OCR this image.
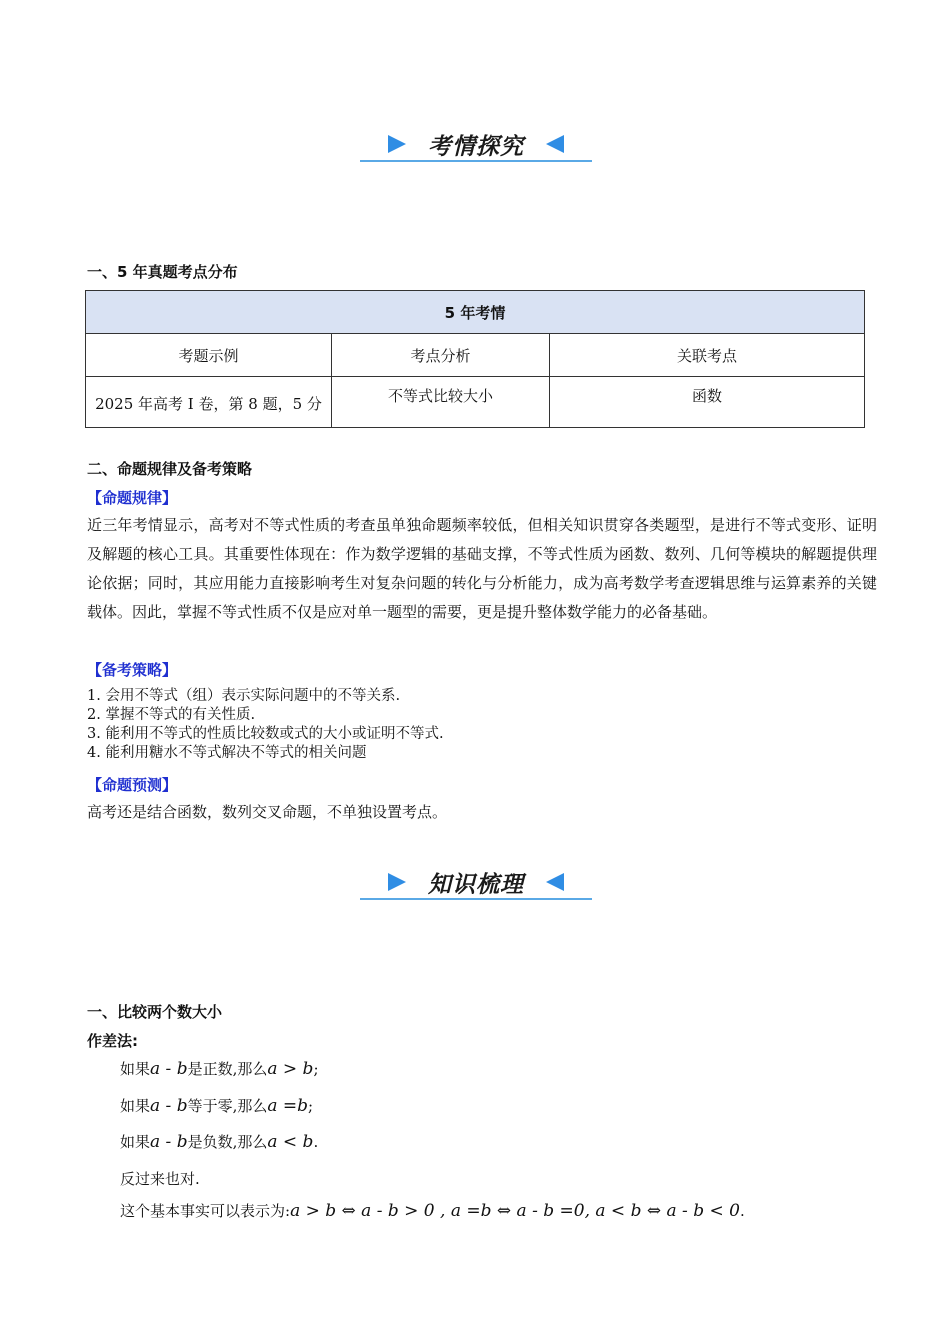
考情探究
一、5 年真题考点分布
5 年考情		
考题示例	考点分析	关联考点
2025 年高考 I 卷，第 8 题，5 分	不等式比较大小	函数
二、命题规律及备考策略
【命题规律】
近三年考情显示，高考对不等式性质的考查虽单独命题频率较低，但相关知识贯穿各类题型，是进行不等式变形、证明及解题的核心工具。其重要性体现在：作为数学逻辑的基础支撑，不等式性质为函数、数列、几何等模块的解题提供理论依据；同时，其应用能力直接影响考生对复杂问题的转化与分析能力，成为高考数学考查逻辑思维与运算素养的关键载体。因此，掌握不等式性质不仅是应对单一题型的需要，更是提升整体数学能力的必备基础。
【备考策略】
1. 会用不等式（组）表示实际问题中的不等关系.
2. 掌握不等式的有关性质.
3. 能利用不等式的性质比较数或式的大小或证明不等式.
4. 能利用糖水不等式解决不等式的相关问题
【命题预测】
高考还是结合函数，数列交叉命题，不单独设置考点。
知识梳理
一、比较两个数大小
作差法:
如果a - b是正数,那么a > b;
如果a - b等于零,那么a =b;
如果a - b是负数,那么a < b.
反过来也对.
这个基本事实可以表示为:a > b ⇔ a - b > 0 , a =b ⇔ a - b =0, a < b ⇔ a - b < 0.
